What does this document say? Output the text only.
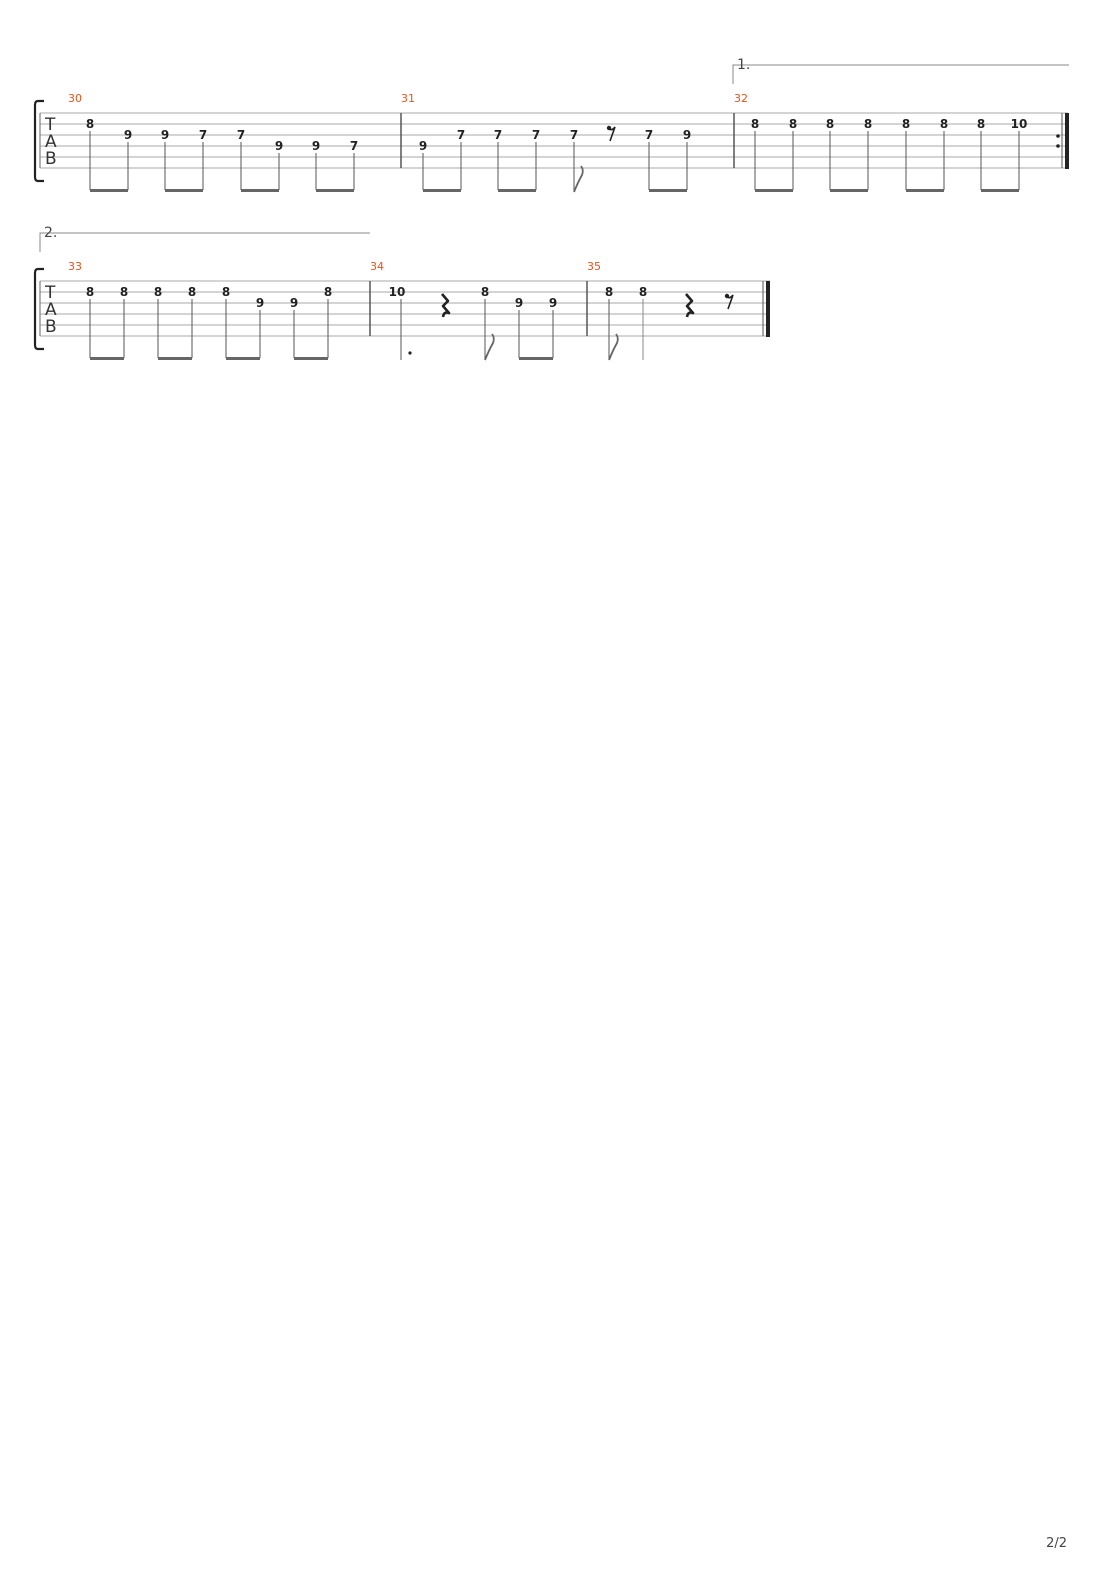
1.
T
A
B
30	31	32
8
9 9 7 7
9 9 7	9
7 7 7 7	7 9
8 8 8 8 8 8 8 10
2.
T
A
B
33	34	35
8 8 8 8 8
9 9
8	10	8
9 9
8 8
2/2
